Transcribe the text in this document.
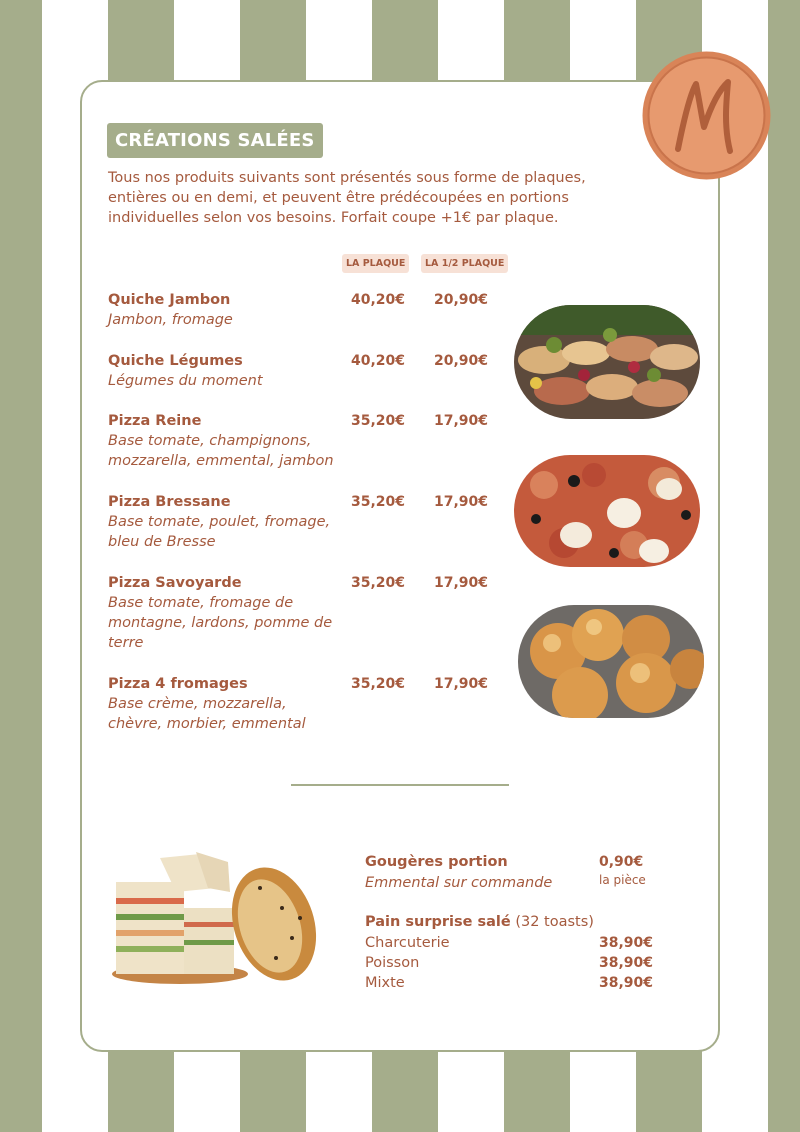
CRÉATIONS SALÉES
Tous nos produits suivants sont présentés sous forme de plaques, entières ou en demi, et peuvent être prédécoupées en portions individuelles selon vos besoins. Forfait coupe +1€ par plaque.
LA PLAQUE	LA 1/2 PLAQUE
Quiche Jambon
Jambon, fromage
40,20€ 20,90€
Quiche Légumes
Légumes du moment
40,20€ 20,90€
Pizza Reine
Base tomate, champignons,
mozzarella, emmental, jambon
35,20€ 17,90€
Pizza Bressane
Base tomate, poulet, fromage,
bleu de Bresse
35,20€ 17,90€
Pizza Savoyarde
Base tomate, fromage de
montagne, lardons, pomme de
terre
35,20€ 17,90€
Pizza 4 fromages
Base crème, mozzarella,
chèvre, morbier, emmental
35,20€ 17,90€
Gougères portion
Emmental sur commande
0,90€
la pièce
Pain surprise salé (32 toasts)
Charcuterie	38,90€
Poisson	38,90€
Mixte	38,90€
